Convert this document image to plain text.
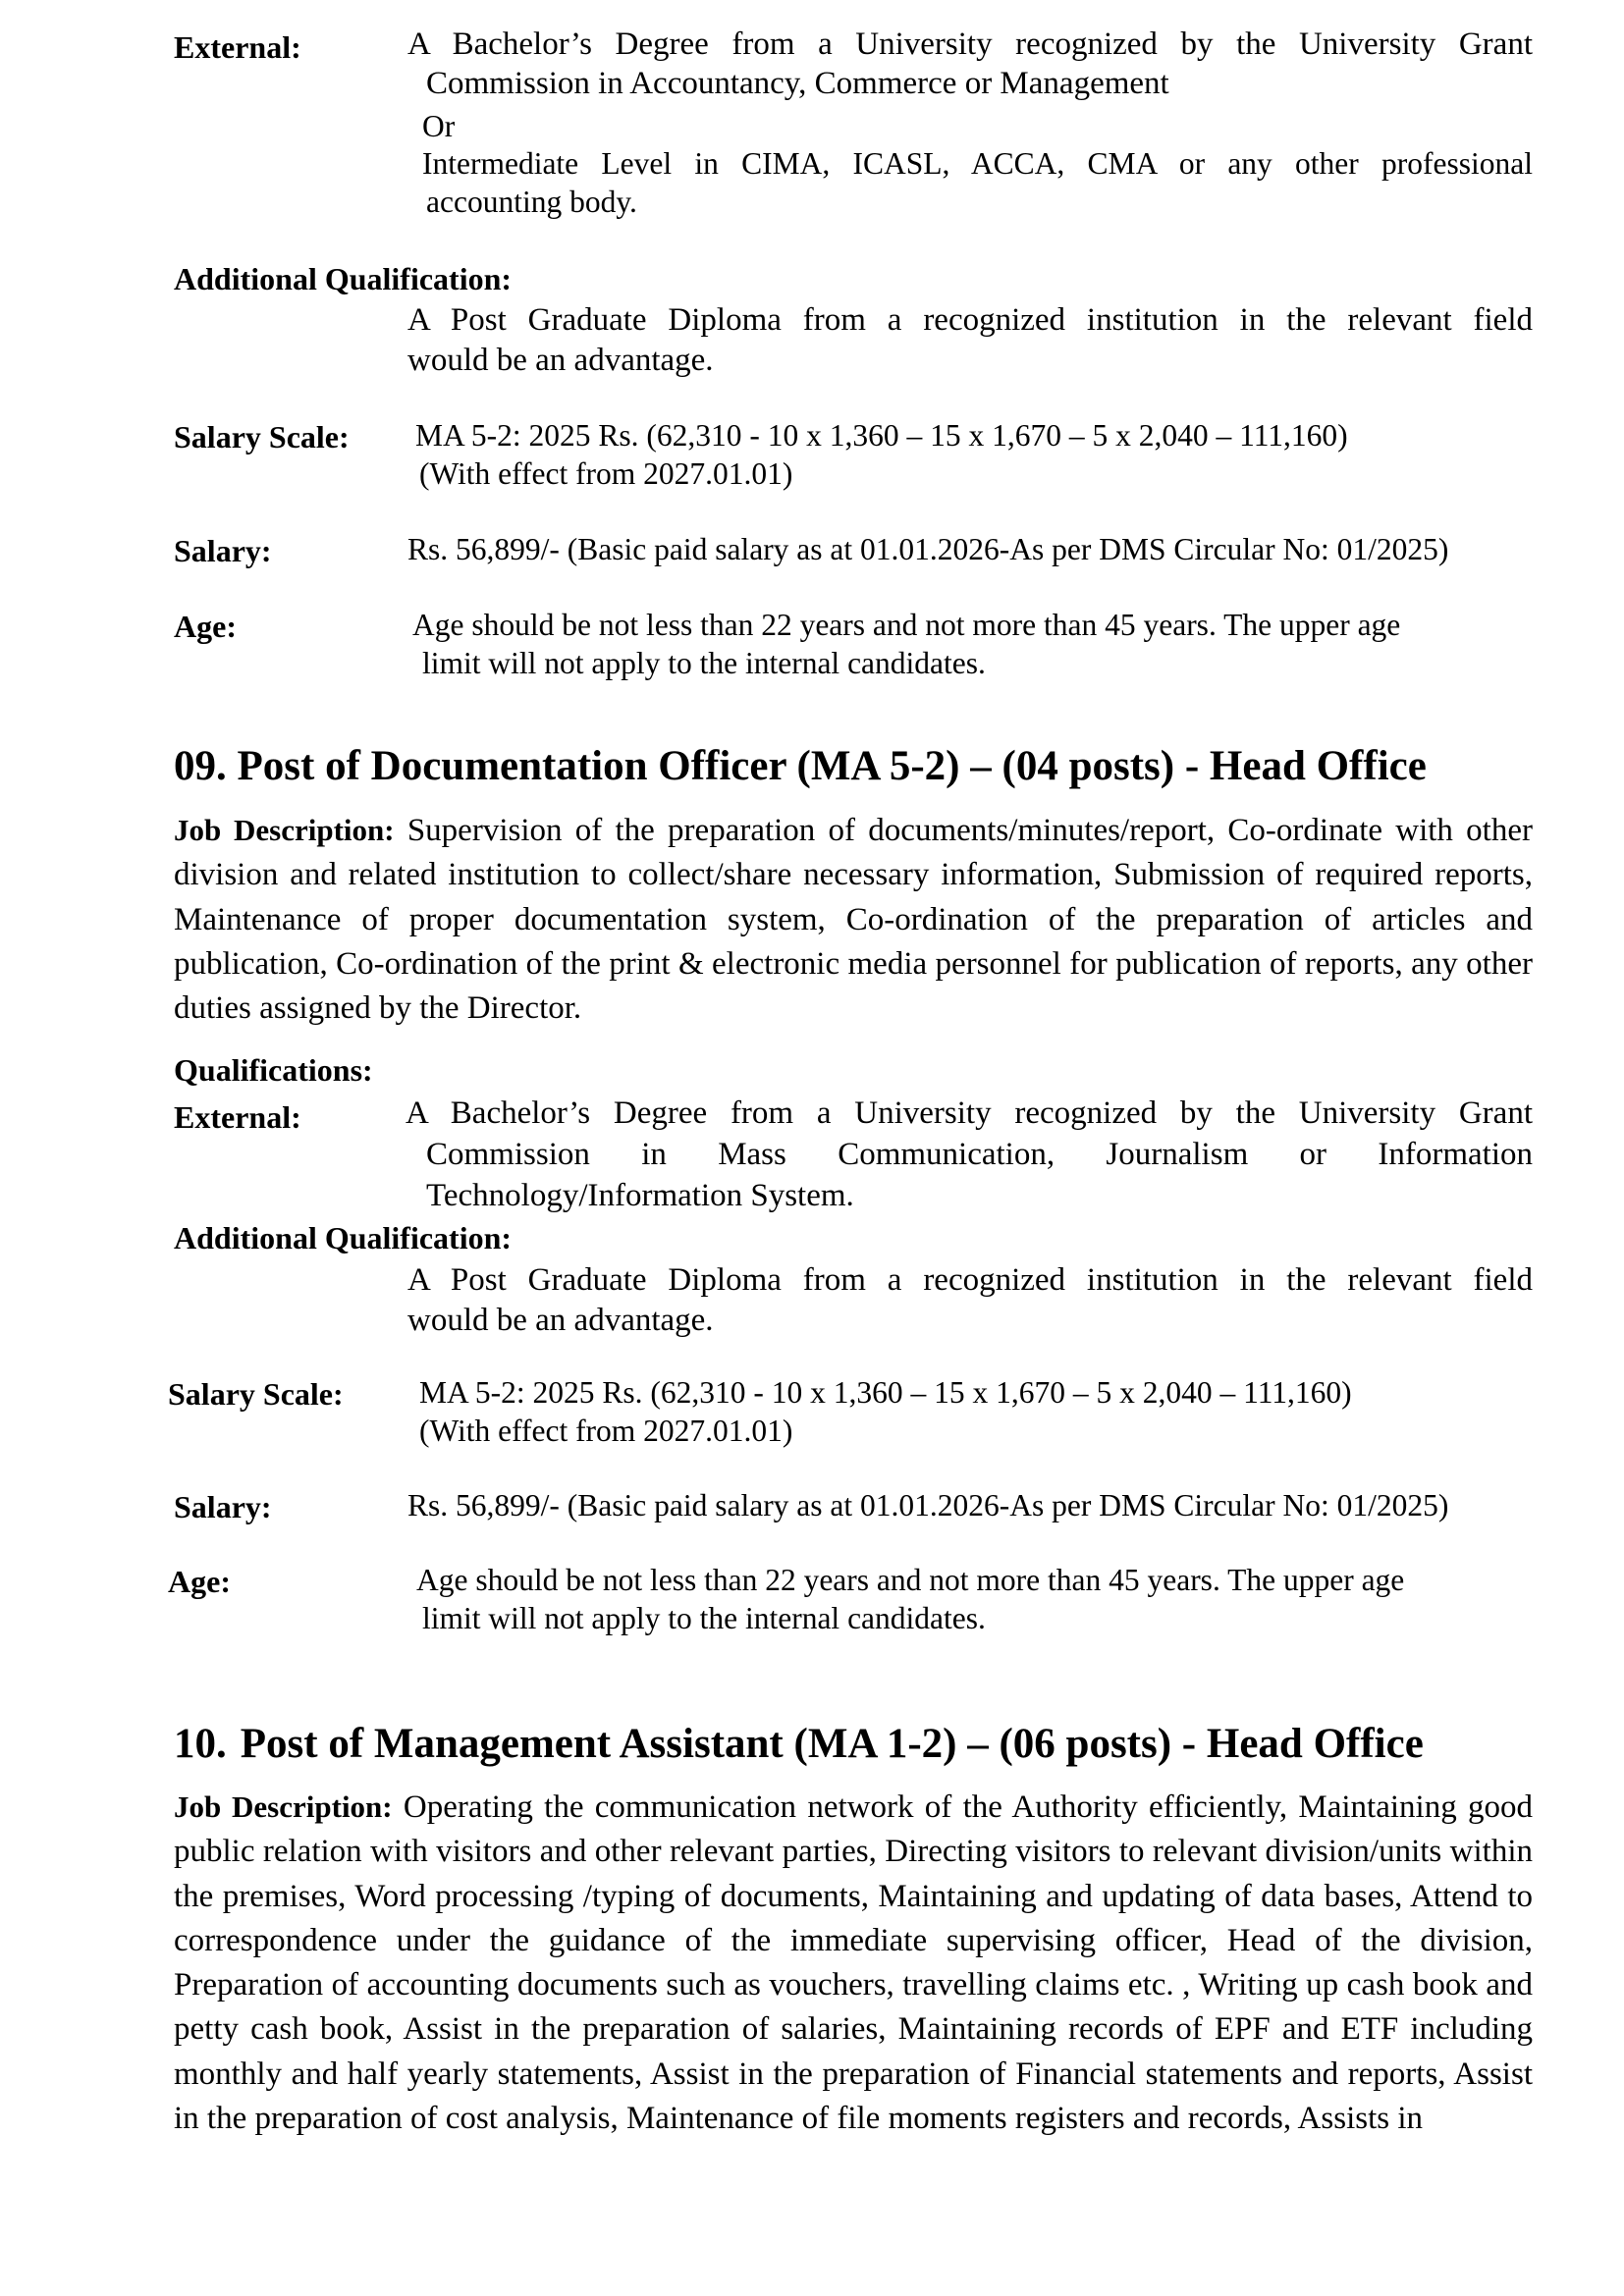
External:	A Bachelor’s Degree from a University recognized by the University Grant
Commission in Accountancy, Commerce or Management
Or
Intermediate Level in CIMA, ICASL, ACCA, CMA or any other professional
accounting body.
Additional Qualification:
A Post Graduate Diploma from a recognized institution in the relevant field
would be an advantage.
Salary Scale: MA 5-2: 2025 Rs. (62,310 - 10 x 1,360 – 15 x 1,670 – 5 x 2,040 – 111,160)
(With effect from 2027.01.01)
Salary:	Rs. 56,899/- (Basic paid salary as at 01.01.2026-As per DMS Circular No: 01/2025)
Age:	Age should be not less than 22 years and not more than 45 years. The upper age
limit will not apply to the internal candidates.
09. Post of Documentation Officer (MA 5-2) – (04 posts) - Head Office
Job Description: Supervision of the preparation of documents/minutes/report, Co-ordinate with other division and related institution to collect/share necessary information, Submission of required reports, Maintenance of proper documentation system, Co-ordination of the preparation of articles and publication, Co-ordination of the print & electronic media personnel for publication of reports, any other duties assigned by the Director.
Qualifications:
External:	A Bachelor’s Degree from a University recognized by the University Grant
Commission in Mass Communication, Journalism or Information
Technology/Information System.
Additional Qualification:
A Post Graduate Diploma from a recognized institution in the relevant field
would be an advantage.
Salary Scale: MA 5-2: 2025 Rs. (62,310 - 10 x 1,360 – 15 x 1,670 – 5 x 2,040 – 111,160)
(With effect from 2027.01.01)
Salary:	Rs. 56,899/- (Basic paid salary as at 01.01.2026-As per DMS Circular No: 01/2025)
Age:	Age should be not less than 22 years and not more than 45 years. The upper age
limit will not apply to the internal candidates.
10. Post of Management Assistant (MA 1-2) – (06 posts) - Head Office
Job Description: Operating the communication network of the Authority efficiently, Maintaining good public relation with visitors and other relevant parties, Directing visitors to relevant division/units within the premises, Word processing /typing of documents, Maintaining and updating of data bases, Attend to correspondence under the guidance of the immediate supervising officer, Head of the division, Preparation of accounting documents such as vouchers, travelling claims etc. , Writing up cash book and petty cash book, Assist in the preparation of salaries, Maintaining records of EPF and ETF including monthly and half yearly statements, Assist in the preparation of Financial statements and reports, Assist in the preparation of cost analysis, Maintenance of file moments registers and records, Assists in
